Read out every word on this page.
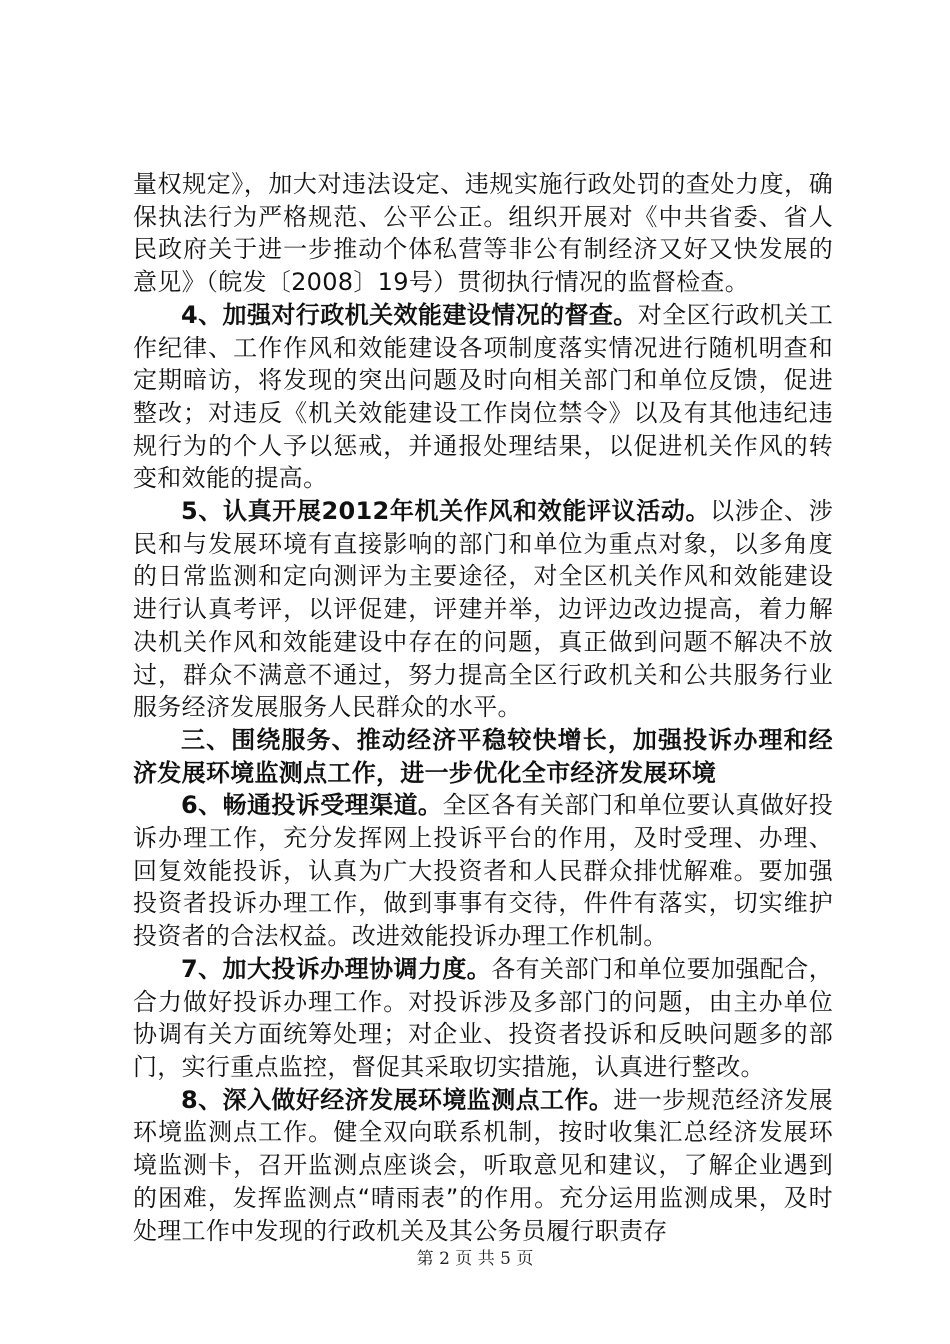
量权规定》，加大对违法设定、违规实施行政处罚的查处力度，确保执法行为严格规范、公平公正。组织开展对《中共省委、省人民政府关于进一步推动个体私营等非公有制经济又好又快发展的意见》（皖发〔2008〕19号）贯彻执行情况的监督检查。

4、加强对行政机关效能建设情况的督查。对全区行政机关工作纪律、工作作风和效能建设各项制度落实情况进行随机明查和定期暗访，将发现的突出问题及时向相关部门和单位反馈，促进整改；对违反《机关效能建设工作岗位禁令》以及有其他违纪违规行为的个人予以惩戒，并通报处理结果，以促进机关作风的转变和效能的提高。

5、认真开展2012年机关作风和效能评议活动。以涉企、涉民和与发展环境有直接影响的部门和单位为重点对象，以多角度的日常监测和定向测评为主要途径，对全区机关作风和效能建设进行认真考评，以评促建，评建并举，边评边改边提高，着力解决机关作风和效能建设中存在的问题，真正做到问题不解决不放过，群众不满意不通过，努力提高全区行政机关和公共服务行业服务经济发展服务人民群众的水平。

三、围绕服务、推动经济平稳较快增长，加强投诉办理和经济发展环境监测点工作，进一步优化全市经济发展环境

6、畅通投诉受理渠道。全区各有关部门和单位要认真做好投诉办理工作，充分发挥网上投诉平台的作用，及时受理、办理、回复效能投诉，认真为广大投资者和人民群众排忧解难。要加强投资者投诉办理工作，做到事事有交待，件件有落实，切实维护投资者的合法权益。改进效能投诉办理工作机制。

7、加大投诉办理协调力度。各有关部门和单位要加强配合，合力做好投诉办理工作。对投诉涉及多部门的问题，由主办单位协调有关方面统筹处理；对企业、投资者投诉和反映问题多的部门，实行重点监控，督促其采取切实措施，认真进行整改。

8、深入做好经济发展环境监测点工作。进一步规范经济发展环境监测点工作。健全双向联系机制，按时收集汇总经济发展环境监测卡，召开监测点座谈会，听取意见和建议，了解企业遇到的困难，发挥监测点“晴雨表”的作用。充分运用监测成果，及时处理工作中发现的行政机关及其公务员履行职责存

第 2 页 共 5 页
